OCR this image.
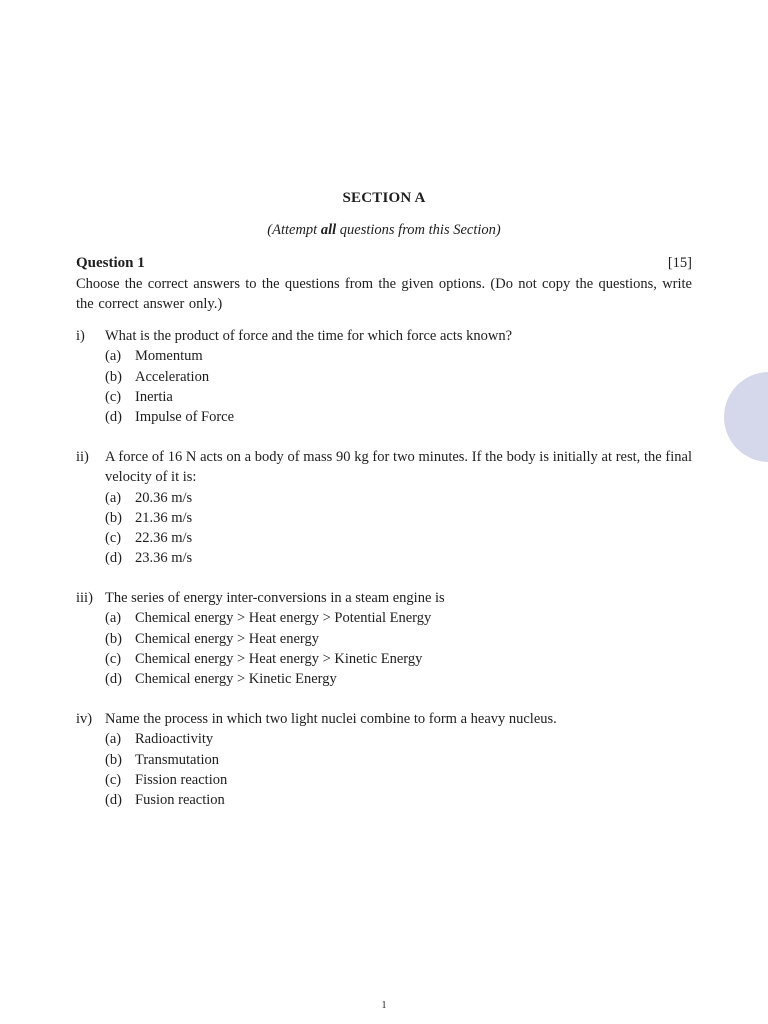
SECTION A
(Attempt all questions from this Section)
Question 1	[15]
Choose the correct answers to the questions from the given options. (Do not copy the questions, write the correct answer only.)
i) What is the product of force and the time for which force acts known?
(a) Momentum
(b) Acceleration
(c) Inertia
(d) Impulse of Force
ii) A force of 16 N acts on a body of mass 90 kg for two minutes. If the body is initially at rest, the final velocity of it is:
(a) 20.36 m/s
(b) 21.36 m/s
(c) 22.36 m/s
(d) 23.36 m/s
iii) The series of energy inter-conversions in a steam engine is
(a) Chemical energy > Heat energy > Potential Energy
(b) Chemical energy > Heat energy
(c) Chemical energy > Heat energy > Kinetic Energy
(d) Chemical energy > Kinetic Energy
iv) Name the process in which two light nuclei combine to form a heavy nucleus.
(a) Radioactivity
(b) Transmutation
(c) Fission reaction
(d) Fusion reaction
1
